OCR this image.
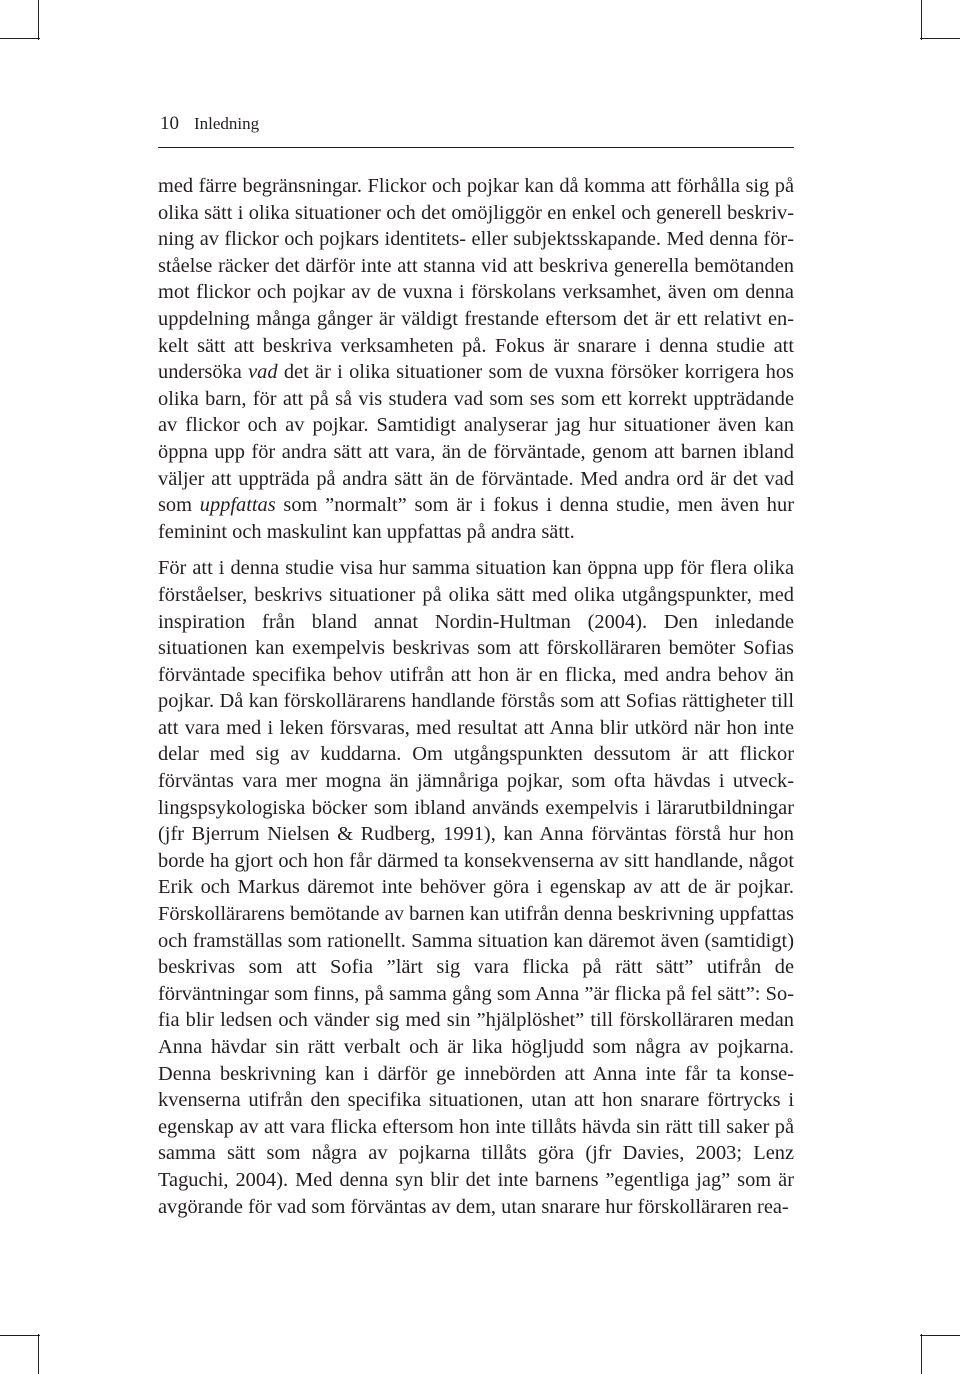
10 Inledning

med färre begränsningar. Flickor och pojkar kan då komma att förhålla sig på olika sätt i olika situationer och det omöjliggör en enkel och generell beskrivning av flickor och pojkars identitets- eller subjektsskapande. Med denna förståelse räcker det därför inte att stanna vid att beskriva generella bemötanden mot flickor och pojkar av de vuxna i förskolans verksamhet, även om denna uppdelning många gånger är väldigt frestande eftersom det är ett relativt enkelt sätt att beskriva verksamheten på. Fokus är snarare i denna studie att undersöka vad det är i olika situationer som de vuxna försöker korrigera hos olika barn, för att på så vis studera vad som ses som ett korrekt uppträdande av flickor och av pojkar. Samtidigt analyserar jag hur situationer även kan öppna upp för andra sätt att vara, än de förväntade, genom att barnen ibland väljer att uppträda på andra sätt än de förväntade. Med andra ord är det vad som uppfattas som ”normalt” som är i fokus i denna studie, men även hur feminint och maskulint kan uppfattas på andra sätt.

För att i denna studie visa hur samma situation kan öppna upp för flera olika förståelser, beskrivs situationer på olika sätt med olika utgångspunkter, med inspiration från bland annat Nordin-Hultman (2004). Den inledande situationen kan exempelvis beskrivas som att förskolläraren bemöter Sofias förväntade specifika behov utifrån att hon är en flicka, med andra behov än pojkar. Då kan förskollärarens handlande förstås som att Sofias rättigheter till att vara med i leken försvaras, med resultat att Anna blir utkörd när hon inte delar med sig av kuddarna. Om utgångspunkten dessutom är att flickor förväntas vara mer mogna än jämnåriga pojkar, som ofta hävdas i utvecklingspsykologiska böcker som ibland används exempelvis i lärarutbildningar (jfr Bjerrum Nielsen & Rudberg, 1991), kan Anna förväntas förstå hur hon borde ha gjort och hon får därmed ta konsekvenserna av sitt handlande, något Erik och Markus däremot inte behöver göra i egenskap av att de är pojkar. Förskollärarens bemötande av barnen kan utifrån denna beskrivning uppfattas och framställas som rationellt. Samma situation kan däremot även (samtidigt) beskrivas som att Sofia ”lärt sig vara flicka på rätt sätt” utifrån de förväntningar som finns, på samma gång som Anna ”är flicka på fel sätt”: Sofia blir ledsen och vänder sig med sin ”hjälplöshet” till förskolläraren medan Anna hävdar sin rätt verbalt och är lika högljudd som några av pojkarna. Denna beskrivning kan i därför ge innebörden att Anna inte får ta konsekvenserna utifrån den specifika situationen, utan att hon snarare förtrycks i egenskap av att vara flicka eftersom hon inte tillåts hävda sin rätt till saker på samma sätt som några av pojkarna tillåts göra (jfr Davies, 2003; Lenz Taguchi, 2004). Med denna syn blir det inte barnens ”egentliga jag” som är avgörande för vad som förväntas av dem, utan snarare hur förskolläraren rea-
